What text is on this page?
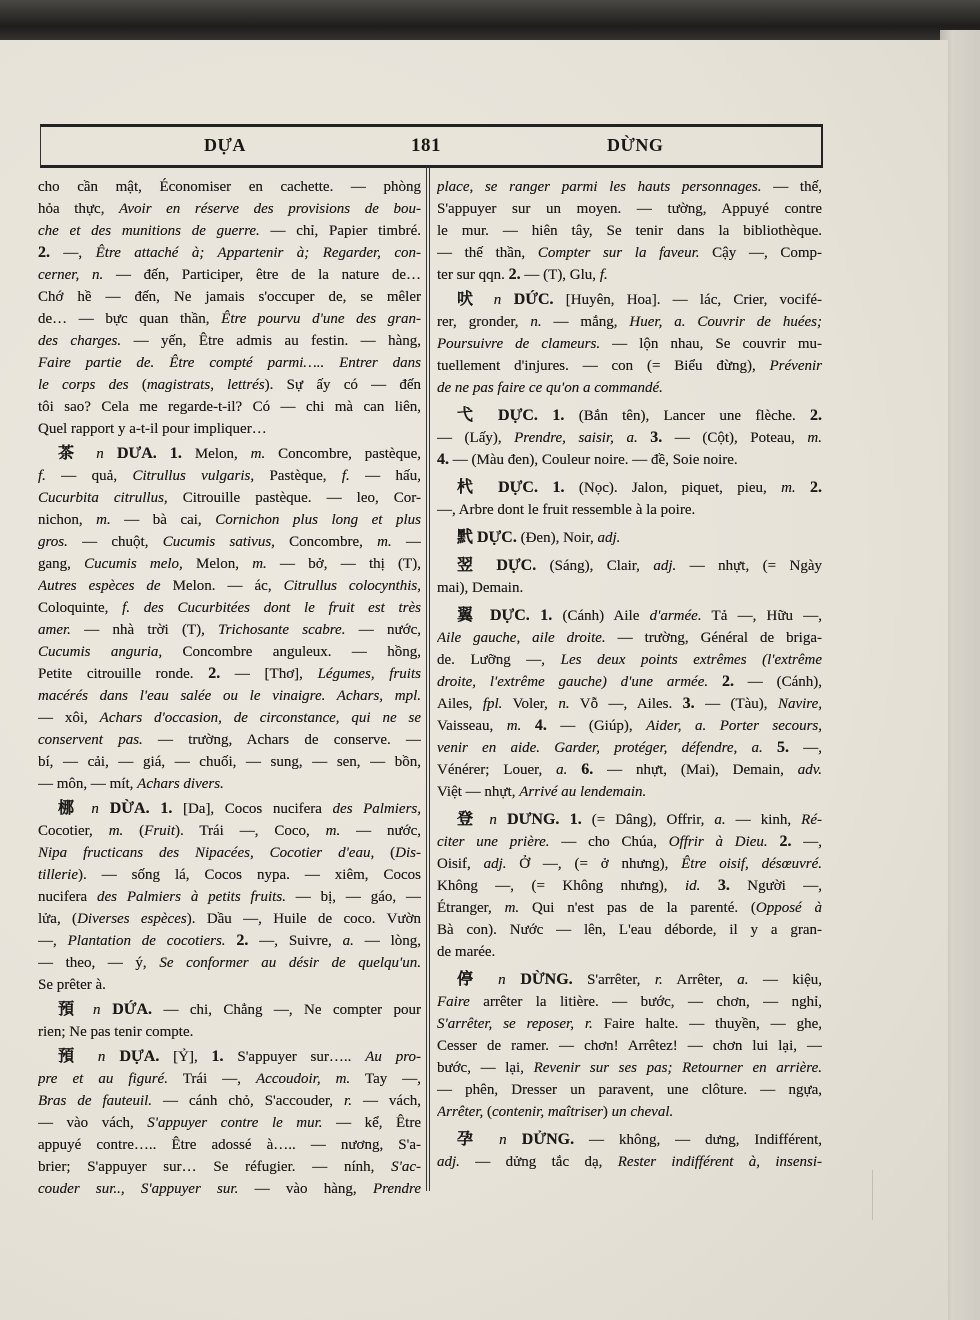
DỰA	181	DỪNG
cho cần mật, Économiser en cachette. — phòng
hỏa thực, Avoir en réserve des provisions de bou-
che et des munitions de guerre. — chỉ, Papier timbré.
2. —, Être attaché à; Appartenir à; Regarder, con-
cerner, n. — đến, Participer, être de la nature de…
Chớ hề — đến, Ne jamais s'occuper de, se mêler
de… — bực quan thần, Être pourvu d'une des gran-
des charges. — yến, Être admis au festin. — hàng,
Faire partie de. Être compté parmi….. Entrer dans
le corps des (magistrats, lettrés). Sự ấy có — đến
tôi sao? Cela me regarde-t-il? Có — chi mà can liên,
Quel rapport y a-t-il pour impliquer…
茶 n DƯA. 1. Melon, m. Concombre, pastèque,
f. — quả, Citrullus vulgaris, Pastèque, f. — hấu,
Cucurbita citrullus, Citrouille pastèque. — leo, Cor-
nichon, m. — bà cai, Cornichon plus long et plus
gros. — chuột, Cucumis sativus, Concombre, m. —
gang, Cucumis melo, Melon, m. — bở, — thị (T),
Autres espèces de Melon. — ác, Citrullus colocynthis,
Coloquinte, f. des Cucurbitées dont le fruit est très
amer. — nhà trời (T), Trichosante scabre. — nước,
Cucumis anguria, Concombre anguleux. — hồng,
Petite citrouille ronde. 2. — [Thơ], Légumes, fruits
macérés dans l'eau salée ou le vinaigre. Achars, mpl.
— xôi, Achars d'occasion, de circonstance, qui ne se
conservent pas. — trường, Achars de conserve. —
bí, — cải, — giá, — chuối, — sung, — sen, — bồn,
— môn, — mít, Achars divers.
梛 n DỪA. 1. [Da], Cocos nucifera des Palmiers,
Cocotier, m. (Fruit). Trái —, Coco, m. — nước,
Nipa fructicans des Nipacées, Cocotier d'eau, (Dis-
tillerie). — sống lá, Cocos nypa. — xiêm, Cocos
nucifera des Palmiers à petits fruits. — bị, — gáo, —
lửa, (Diverses espèces). Dầu —, Huile de coco. Vườn
—, Plantation de cocotiers. 2. —, Suivre, a. — lòng,
— theo, — ý, Se conformer au désir de quelqu'un.
Se prêter à.
預 n DỨA. — chi, Chẳng —, Ne compter pour
rien; Ne pas tenir compte.
預 n DỰA. [Ỷ], 1. S'appuyer sur….. Au pro-
pre et au figuré. Trái —, Accoudoir, m. Tay —,
Bras de fauteuil. — cánh chỏ, S'accouder, r. — vách,
— vào vách, S'appuyer contre le mur. — kể, Être
appuyé contre….. Être adossé à….. — nương, S'a-
brier; S'appuyer sur… Se réfugier. — nính, S'ac-
couder sur.., S'appuyer sur. — vào hàng, Prendre
place, se ranger parmi les hauts personnages. — thế,
S'appuyer sur un moyen. — tường, Appuyé contre
le mur. — hiên tây, Se tenir dans la bibliothèque.
— thế thần, Compter sur la faveur. Cậy —, Comp-
ter sur qqn. 2. — (T), Glu, f.
吠 n DỨC. [Huyên, Hoa]. — lác, Crier, vocifé-
rer, gronder, n. — mắng, Huer, a. Couvrir de huées;
Poursuivre de clameurs. — lộn nhau, Se couvrir mu-
tuellement d'injures. — con (= Biểu đừng), Prévenir
de ne pas faire ce qu'on a commandé.
弋 DỰC. 1. (Bắn tên), Lancer une flèche. 2.
— (Lấy), Prendre, saisir, a. 3. — (Cột), Poteau, m.
4. — (Màu đen), Couleur noire. — đề, Soie noire.
杙 DỰC. 1. (Nọc). Jalon, piquet, pieu, m. 2.
—, Arbre dont le fruit ressemble à la poire.
黓 DỰC. (Đen), Noir, adj.
翌 DỰC. (Sáng), Clair, adj. — nhựt, (= Ngày
mai), Demain.
翼 DỰC. 1. (Cánh) Aile d'armée. Tả —, Hữu —,
Aile gauche, aile droite. — trường, Général de briga-
de. Lưỡng —, Les deux points extrêmes (l'extrême
droite, l'extrême gauche) d'une armée. 2. — (Cánh),
Ailes, fpl. Voler, n. Vỗ —, Ailes. 3. — (Tàu), Navire,
Vaisseau, m. 4. — (Giúp), Aider, a. Porter secours,
venir en aide. Garder, protéger, défendre, a. 5. —,
Vénérer; Louer, a. 6. — nhựt, (Mai), Demain, adv.
Việt — nhựt, Arrivé au lendemain.
登 n DƯNG. 1. (= Dâng), Offrir, a. — kinh, Ré-
citer une prière. — cho Chúa, Offrir à Dieu. 2. —,
Oisif, adj. Ở —, (= ở nhưng), Être oisif, désœuvré.
Không —, (= Không nhưng), id. 3. Người —,
Étranger, m. Qui n'est pas de la parenté. (Opposé à
Bà con). Nước — lên, L'eau déborde, il y a gran-
de marée.
停 n DỪNG. S'arrêter, r. Arrêter, a. — kiệu,
Faire arrêter la litière. — bước, — chơn, — nghỉ,
S'arrêter, se reposer, r. Faire halte. — thuyền, — ghe,
Cesser de ramer. — chơn! Arrêtez! — chơn lui lại, —
bước, — lại, Revenir sur ses pas; Retourner en arrière.
— phên, Dresser un paravent, une clôture. — ngựa,
Arrêter, (contenir, maîtriser) un cheval.
孕 n DỬNG. — không, — dưng, Indifférent,
adj. — dửng tắc dạ, Rester indifférent à, insensi-
